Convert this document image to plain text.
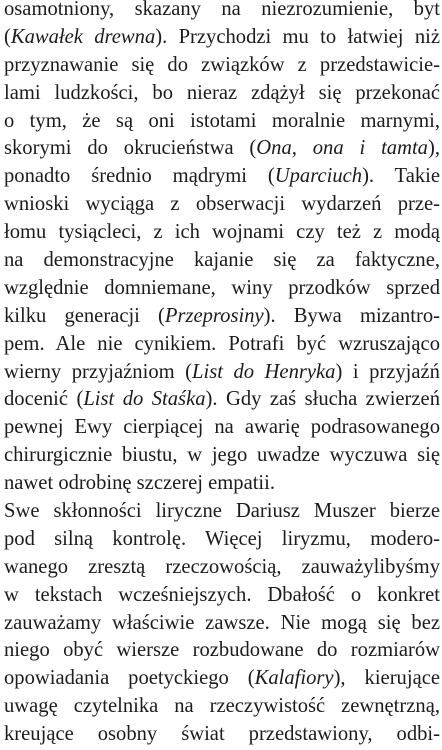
osamotniony, skazany na niezrozumienie, byt
(Kawałek drewna). Przychodzi mu to łatwiej niż
przyznawanie się do związków z przedstawicie-
lami ludzkości, bo nieraz zdążył się przekonać
o tym, że są oni istotami moralnie marnymi,
skorymi do okrucieństwa (Ona, ona i tamta),
ponadto średnio mądrymi (Uparciuch). Takie
wnioski wyciąga z obserwacji wydarzeń prze-
łomu tysiącleci, z ich wojnami czy też z modą
na demonstracyjne kajanie się za faktyczne,
względnie domniemane, winy przodków sprzed
kilku generacji (Przeprosiny). Bywa mizantro-
pem. Ale nie cynikiem. Potrafi być wzruszająco
wierny przyjaźniom (List do Henryka) i przyjaźń
docenić (List do Staśka). Gdy zaś słucha zwierzeń
pewnej Ewy cierpiącej na awarię podrasowanego
chirurgicznie biustu, w jego uwadze wyczuwa się
nawet odrobinę szczerej empatii.
Swe skłonności liryczne Dariusz Muszer bierze
pod silną kontrolę. Więcej liryzmu, modero-
wanego zresztą rzeczowością, zauważylibyśmy
w tekstach wcześniejszych. Dbałość o konkret
zauważamy właściwie zawsze. Nie mogą się bez
niego obyć wiersze rozbudowane do rozmiarów
opowiadania poetyckiego (Kalafiory), kierujące
uwagę czytelnika na rzeczywistość zewnętrzną,
kreujące osobny świat przedstawiony, odbi-
